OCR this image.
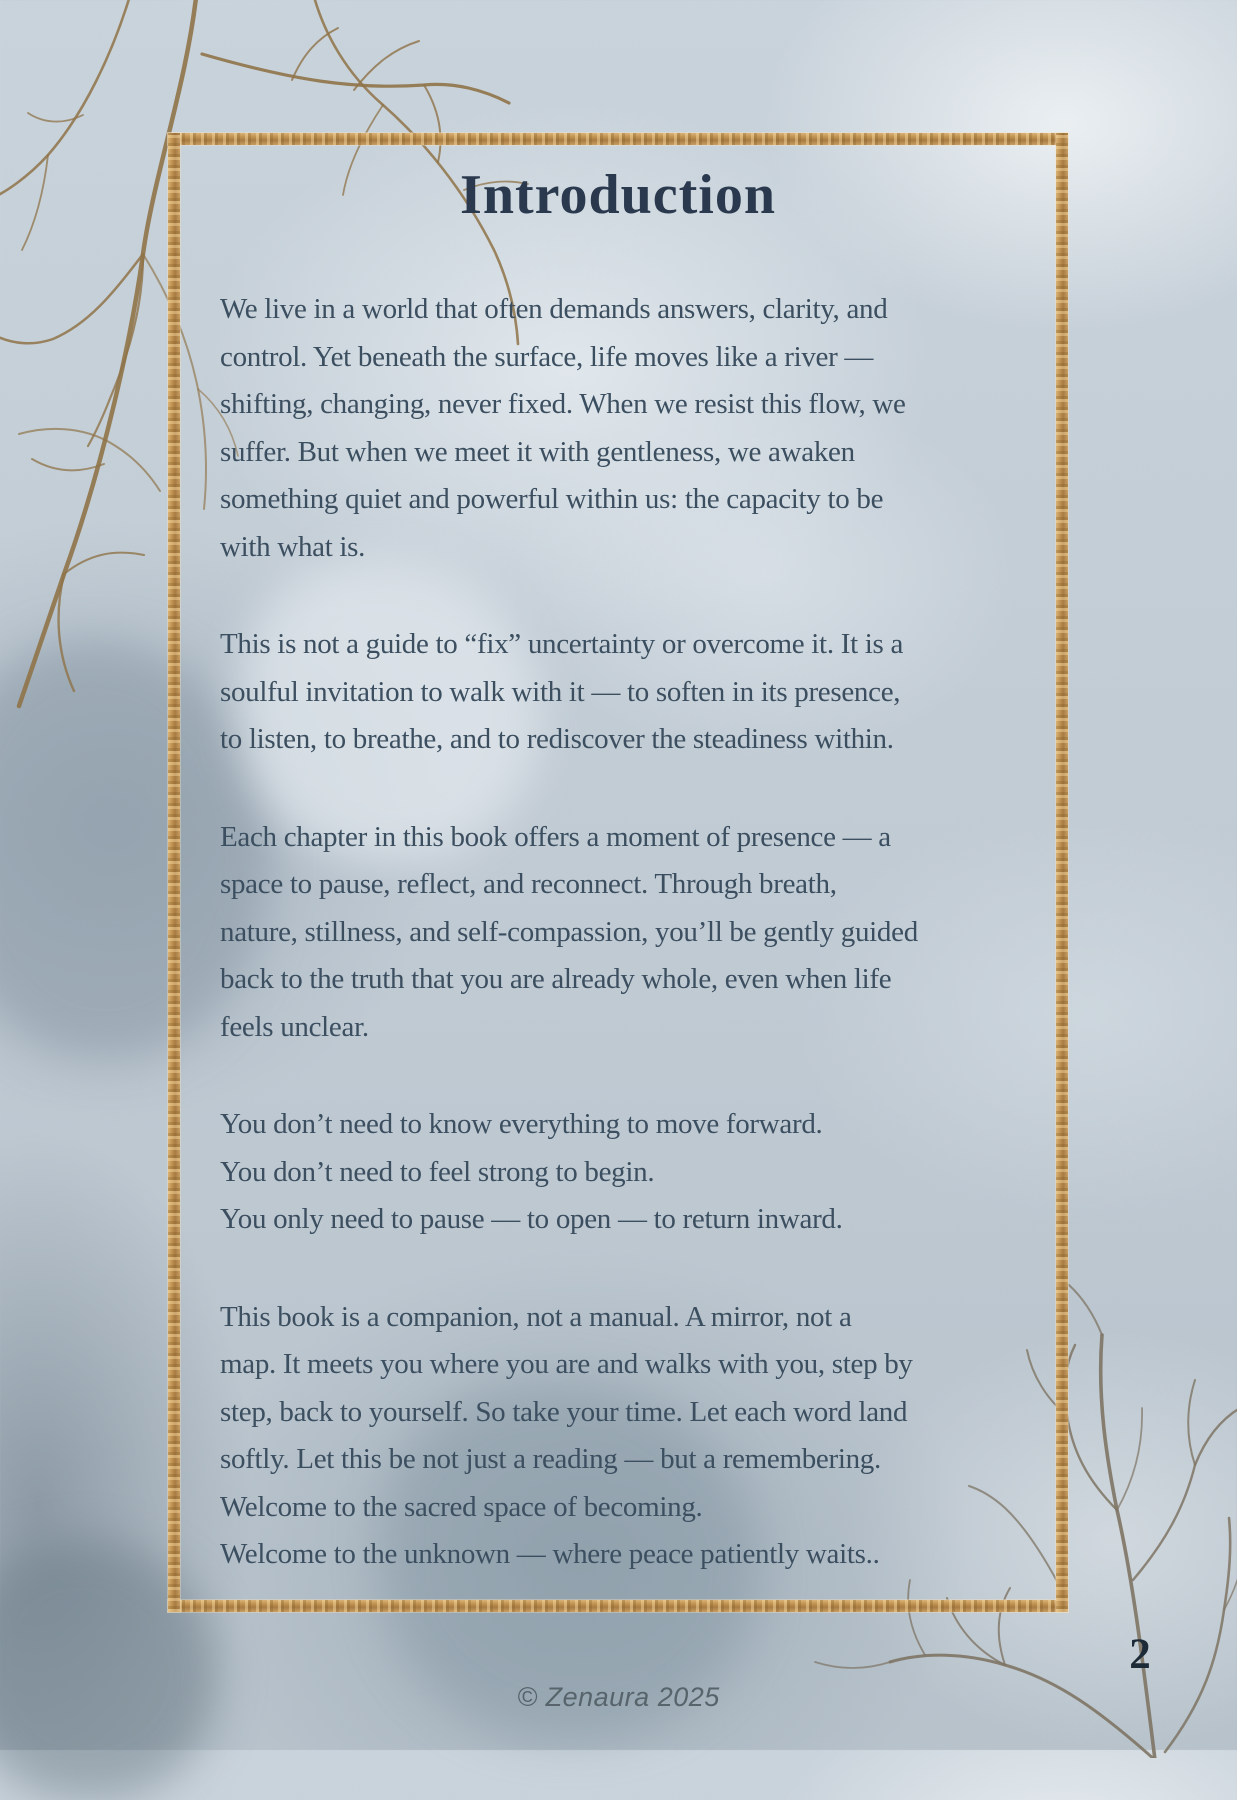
Introduction
We live in a world that often demands answers, clarity, and
control. Yet beneath the surface, life moves like a river —
shifting, changing, never fixed. When we resist this flow, we
suffer. But when we meet it with gentleness, we awaken
something quiet and powerful within us: the capacity to be
with what is.
This is not a guide to “fix” uncertainty or overcome it. It is a
soulful invitation to walk with it — to soften in its presence,
to listen, to breathe, and to rediscover the steadiness within.
Each chapter in this book offers a moment of presence — a
space to pause, reflect, and reconnect. Through breath,
nature, stillness, and self-compassion, you’ll be gently guided
back to the truth that you are already whole, even when life
feels unclear.
You don’t need to know everything to move forward.
You don’t need to feel strong to begin.
You only need to pause — to open — to return inward.
This book is a companion, not a manual. A mirror, not a
map. It meets you where you are and walks with you, step by
step, back to yourself. So take your time. Let each word land
softly. Let this be not just a reading — but a remembering.
Welcome to the sacred space of becoming.
Welcome to the unknown — where peace patiently waits..
2
© Zenaura 2025
